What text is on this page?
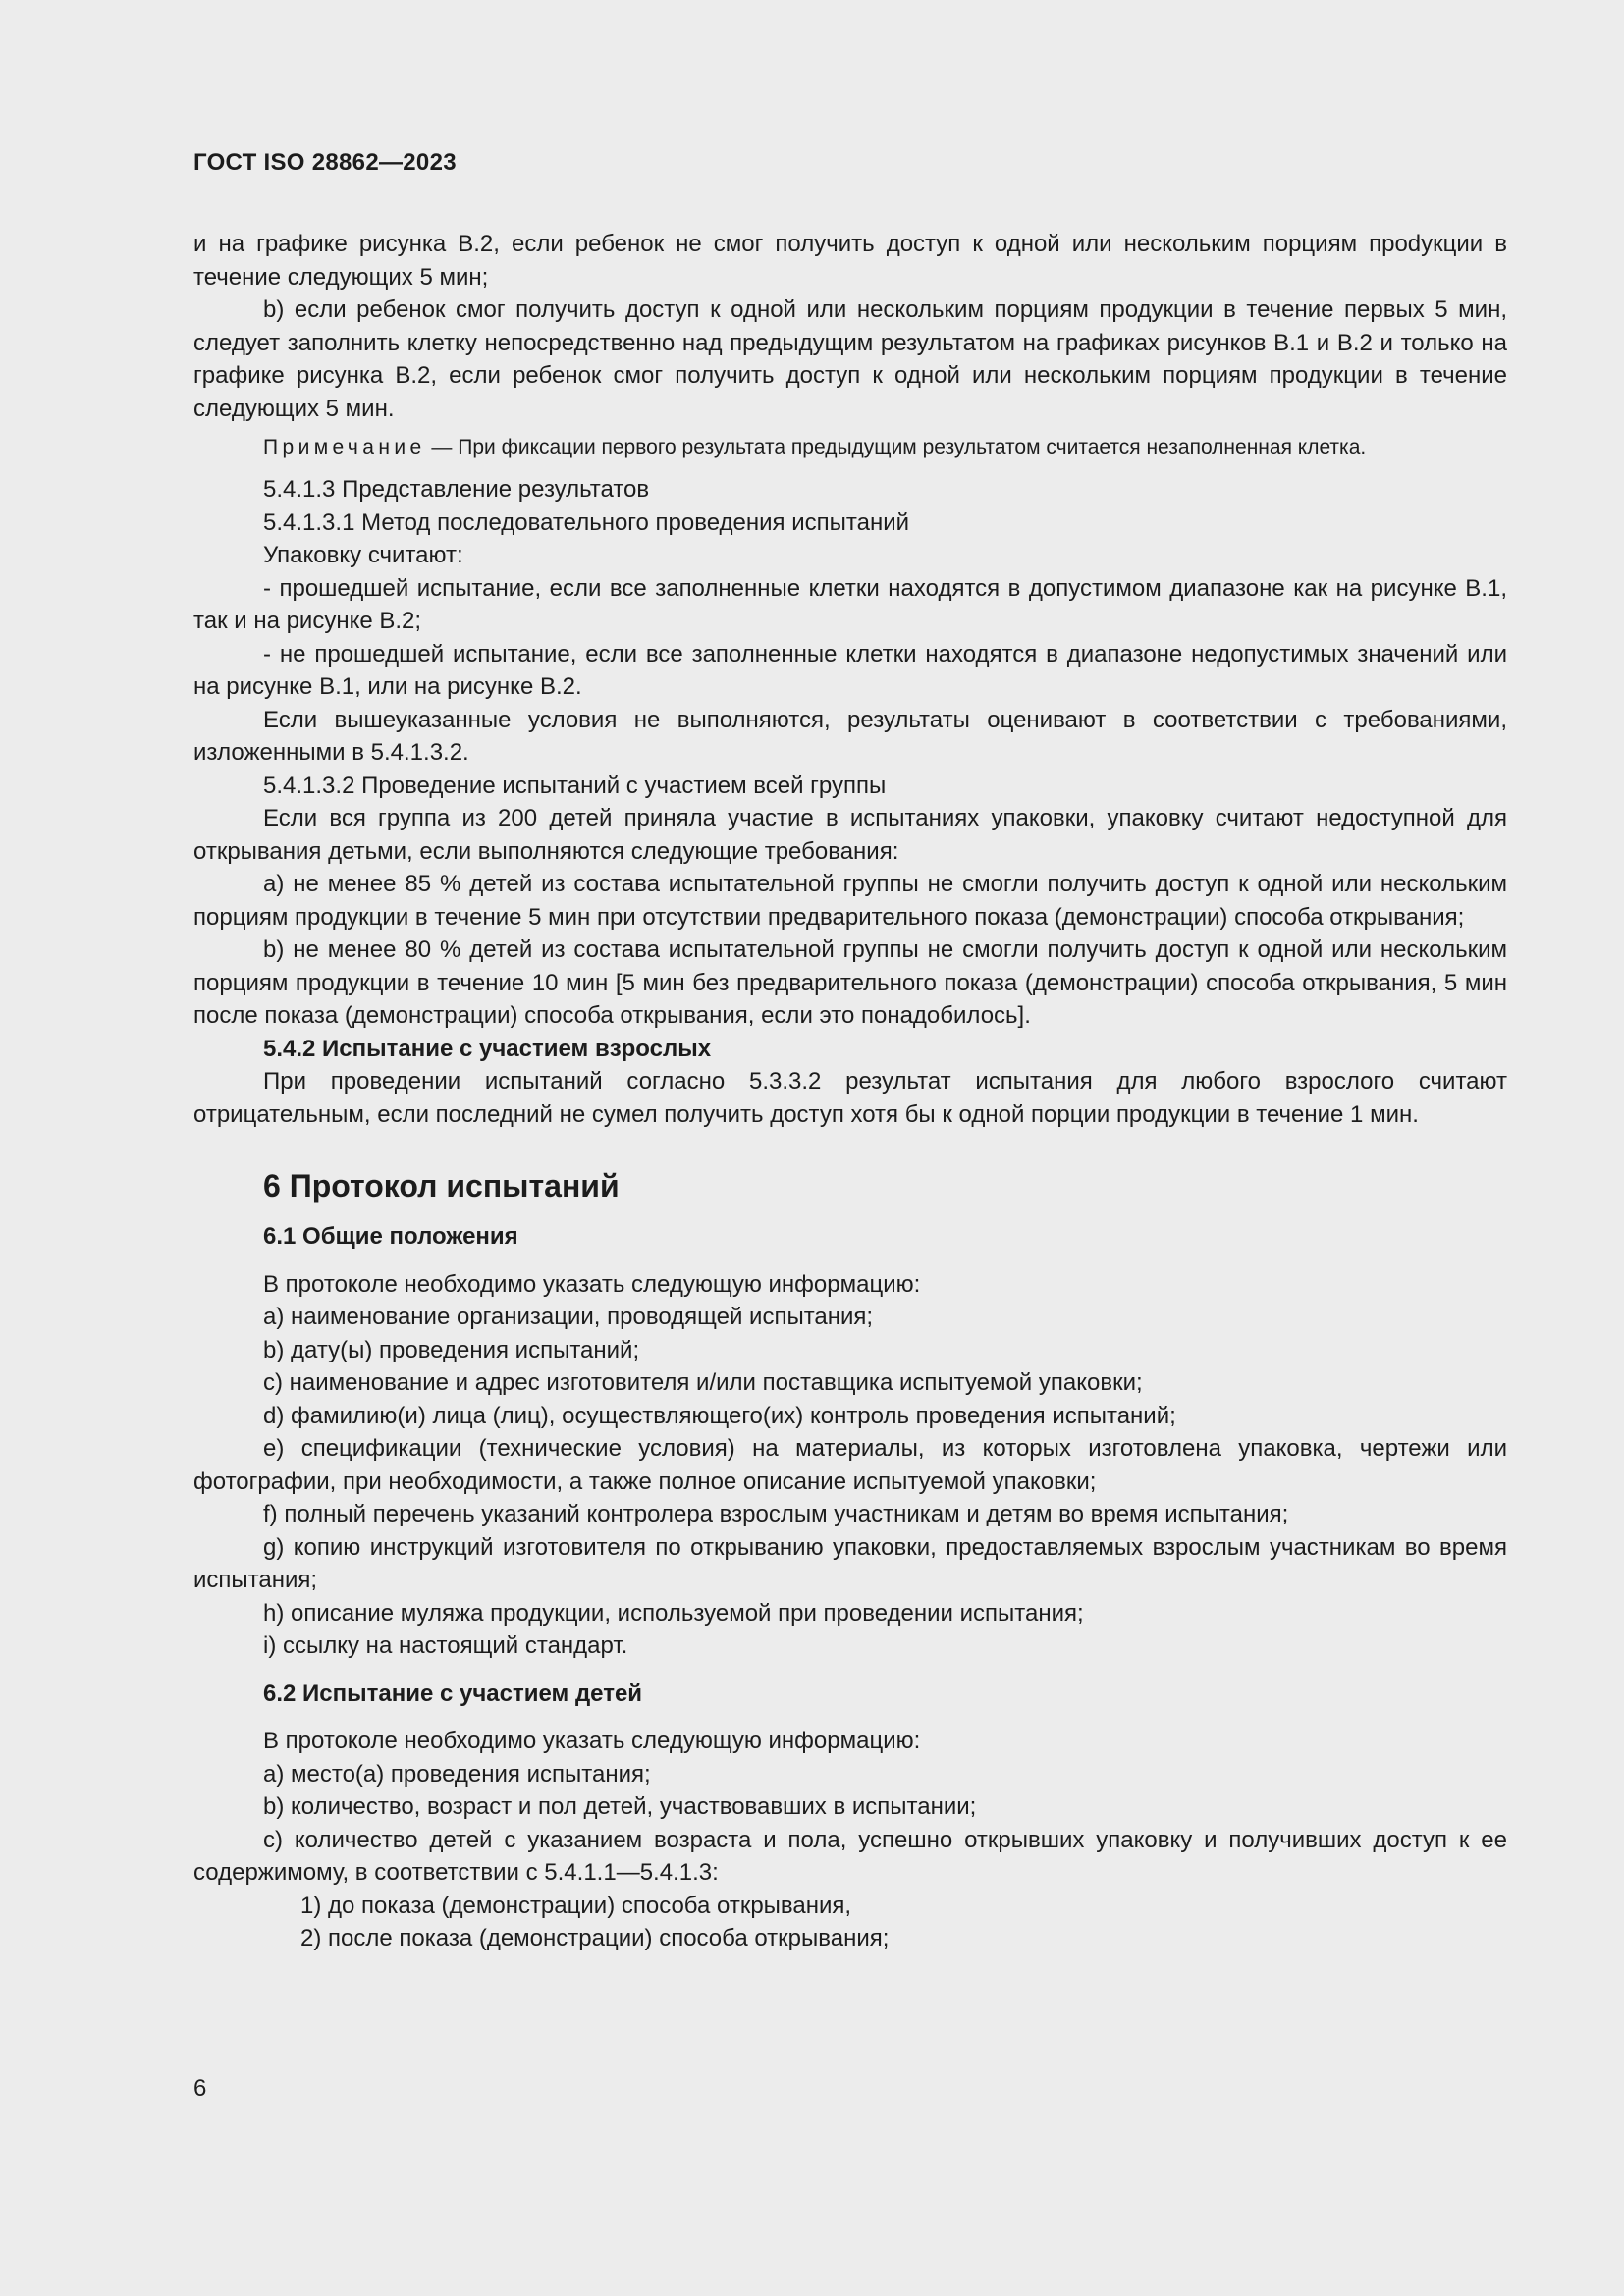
ГОСТ ISO 28862—2023

и на графике рисунка B.2, если ребенок не смог получить доступ к одной или нескольким порциям проdукции в течение следующих 5 мин;

b) если ребенок смог получить доступ к одной или нескольким порциям продукции в течение первых 5 мин, следует заполнить клетку непосредственно над предыдущим результатом на графиках рисунков B.1 и B.2 и только на графике рисунка B.2, если ребенок смог получить доступ к одной или нескольким порциям продукции в течение следующих 5 мин.

Примечание — При фиксации первого результата предыдущим результатом считается незаполненная клетка.

5.4.1.3 Представление результатов

5.4.1.3.1 Метод последовательного проведения испытаний

Упаковку считают:

- прошедшей испытание, если все заполненные клетки находятся в допустимом диапазоне как на рисунке B.1, так и на рисунке B.2;

- не прошедшей испытание, если все заполненные клетки находятся в диапазоне недопустимых значений или на рисунке B.1, или на рисунке B.2.

Если вышеуказанные условия не выполняются, результаты оценивают в соответствии с требованиями, изложенными в 5.4.1.3.2.

5.4.1.3.2 Проведение испытаний с участием всей группы

Если вся группа из 200 детей приняла участие в испытаниях упаковки, упаковку считают недоступной для открывания детьми, если выполняются следующие требования:

a) не менее 85 % детей из состава испытательной группы не смогли получить доступ к одной или нескольким порциям продукции в течение 5 мин при отсутствии предварительного показа (демонстрации) способа открывания;

b) не менее 80 % детей из состава испытательной группы не смогли получить доступ к одной или нескольким порциям продукции в течение 10 мин [5 мин без предварительного показа (демонстрации) способа открывания, 5 мин после показа (демонстрации) способа открывания, если это понадобилось].

5.4.2 Испытание с участием взрослых

При проведении испытаний согласно 5.3.3.2 результат испытания для любого взрослого считают отрицательным, если последний не сумел получить доступ хотя бы к одной порции продукции в течение 1 мин.

6 Протокол испытаний

6.1 Общие положения

В протоколе необходимо указать следующую информацию:

a) наименование организации, проводящей испытания;

b) дату(ы) проведения испытаний;

c) наименование и адрес изготовителя и/или поставщика испытуемой упаковки;

d) фамилию(и) лица (лиц), осуществляющего(их) контроль проведения испытаний;

e) спецификации (технические условия) на материалы, из которых изготовлена упаковка, чертежи или фотографии, при необходимости, а также полное описание испытуемой упаковки;

f) полный перечень указаний контролера взрослым участникам и детям во время испытания;

g) копию инструкций изготовителя по открыванию упаковки, предоставляемых взрослым участникам во время испытания;

h) описание муляжа продукции, используемой при проведении испытания;

i) ссылку на настоящий стандарт.

6.2 Испытание с участием детей

В протоколе необходимо указать следующую информацию:

a) место(а) проведения испытания;

b) количество, возраст и пол детей, участвовавших в испытании;

c) количество детей с указанием возраста и пола, успешно открывших упаковку и получивших доступ к ее содержимому, в соответствии с 5.4.1.1—5.4.1.3:

1) до показа (демонстрации) способа открывания,

2) после показа (демонстрации) способа открывания;

6
